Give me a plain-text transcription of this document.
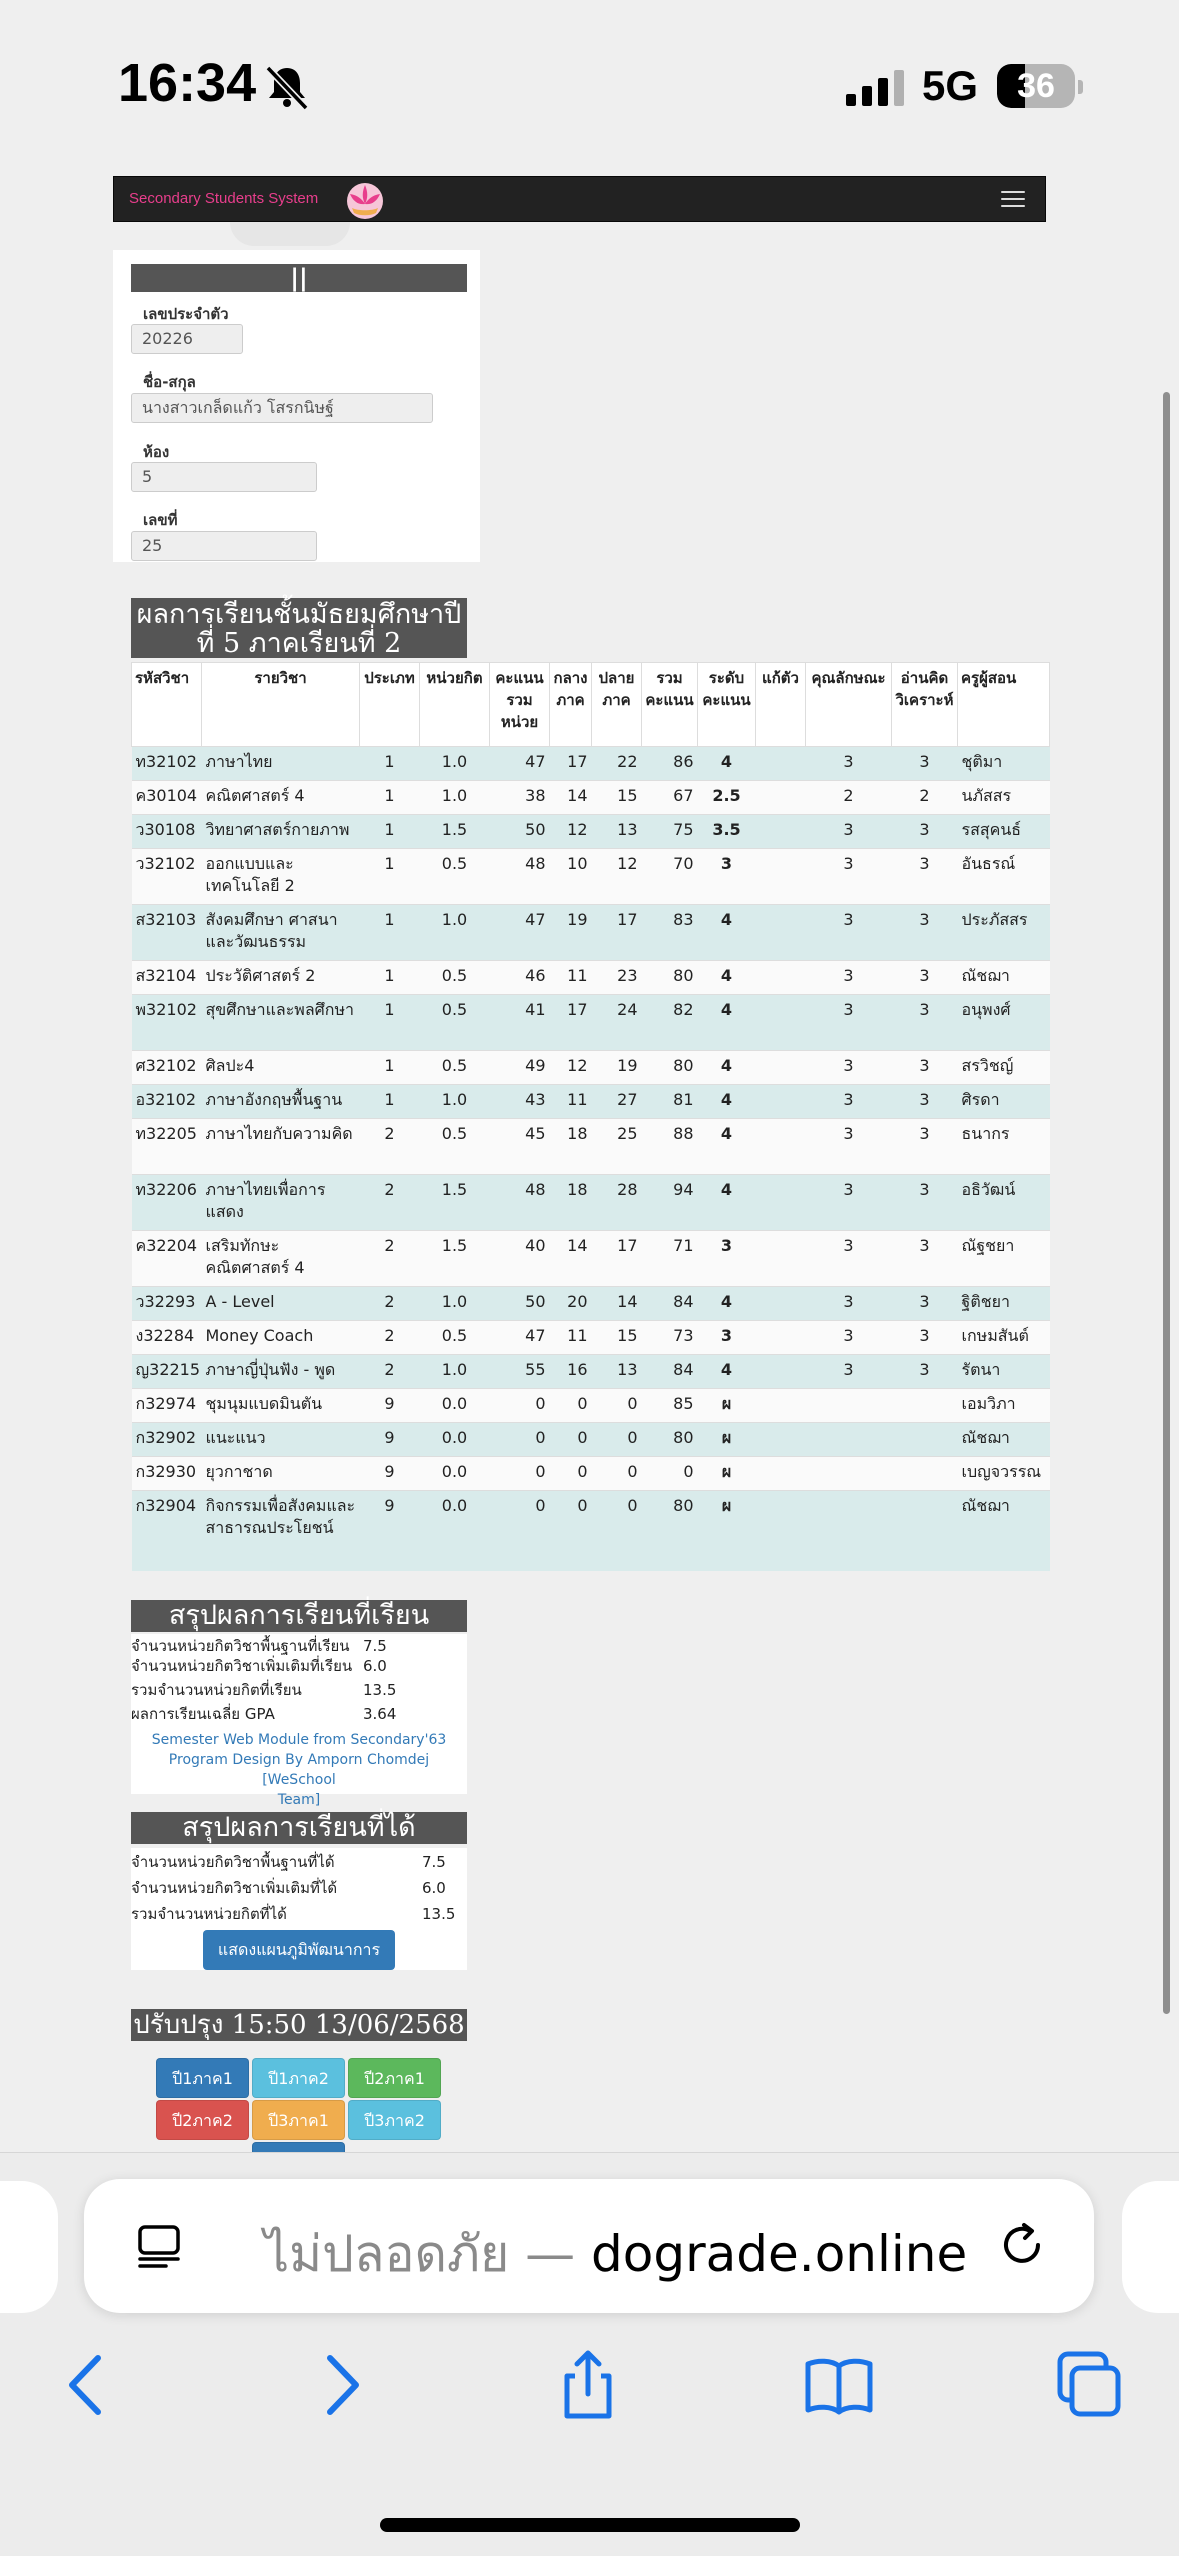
16:34	5G	36
Secondary Students System
||
เลขประจำตัว
20226
ชื่อ-สกุล
นางสาวเกล็ดแก้ว โสรกนิษฐ์
ห้อง
5
เลขที่
25
ผลการเรียนชั้นมัธยมศึกษาปี
ที่ 5 ภาคเรียนที่ 2
รหัสวิชา	รายวิชา	ประเภท	หน่วยกิต	คะแนนรวมหน่วย	กลางภาค	ปลายภาค	รวมคะแนน	ระดับคะแนน	แก้ตัว	คุณลักษณะ	อ่านคิดวิเคราะห์	ครูผู้สอน
ท32102	ภาษาไทย	1	1.0	47	17	22	86	4		3	3	ชุติมา
ค30104	คณิตศาสตร์ 4	1	1.0	38	14	15	67	2.5		2	2	นภัสสร
ว30108	วิทยาศาสตร์กายภาพ	1	1.5	50	12	13	75	3.5		3	3	รสสุคนธ์
ว32102	ออกแบบและเทคโนโลยี 2	1	0.5	48	10	12	70	3		3	3	อันธรณ์
ส32103	สังคมศึกษา ศาสนาและวัฒนธรรม	1	1.0	47	19	17	83	4		3	3	ประภัสสร
ส32104	ประวัติศาสตร์ 2	1	0.5	46	11	23	80	4		3	3	ณัชฌา
พ32102	สุขศึกษาและพลศึกษา	1	0.5	41	17	24	82	4		3	3	อนุพงศ์
ศ32102	ศิลปะ4	1	0.5	49	12	19	80	4		3	3	สรวิชญ์
อ32102	ภาษาอังกฤษพื้นฐาน	1	1.0	43	11	27	81	4		3	3	ศิรดา
ท32205	ภาษาไทยกับความคิด	2	0.5	45	18	25	88	4		3	3	ธนากร
ท32206	ภาษาไทยเพื่อการแสดง	2	1.5	48	18	28	94	4		3	3	อธิวัฒน์
ค32204	เสริมทักษะคณิตศาสตร์ 4	2	1.5	40	14	17	71	3		3	3	ณัฐชยา
ว32293	A - Level	2	1.0	50	20	14	84	4		3	3	ฐิติชยา
ง32284	Money Coach	2	0.5	47	11	15	73	3		3	3	เกษมสันต์
ญ32215	ภาษาญี่ปุ่นฟัง - พูด	2	1.0	55	16	13	84	4		3	3	รัตนา
ก32974	ชุมนุมแบดมินตัน	9	0.0	0	0	0	85	ผ				เอมวิภา
ก32902	แนะแนว	9	0.0	0	0	0	80	ผ				ณัชฌา
ก32930	ยุวกาชาด	9	0.0	0	0	0	0	ผ				เบญจวรรณ
ก32904	กิจกรรมเพื่อสังคมและสาธารณประโยชน์	9	0.0	0	0	0	80	ผ				ณัชฌา
สรุปผลการเรียนที่เรียน
จำนวนหน่วยกิตวิชาพื้นฐานที่เรียน 7.5
จำนวนหน่วยกิตวิชาเพิ่มเติมที่เรียน 6.0
รวมจำนวนหน่วยกิตที่เรียน	13.5
ผลการเรียนเฉลี่ย GPA	3.64
Semester Web Module from Secondary'63
Program Design By Amporn Chomdej [WeSchool
Team]
สรุปผลการเรียนที่ได้
จำนวนหน่วยกิตวิชาพื้นฐานที่ได้	7.5
จำนวนหน่วยกิตวิชาเพิ่มเติมที่ได้	6.0
รวมจำนวนหน่วยกิตที่ได้	13.5
แสดงแผนภูมิพัฒนาการ
ปรับปรุง 15:50 13/06/2568
ปี1ภาค1	ปี1ภาค2	ปี2ภาค1
ปี2ภาค2	ปี3ภาค1	ปี3ภาค2
ไม่ปลอดภัย — dograde.online
